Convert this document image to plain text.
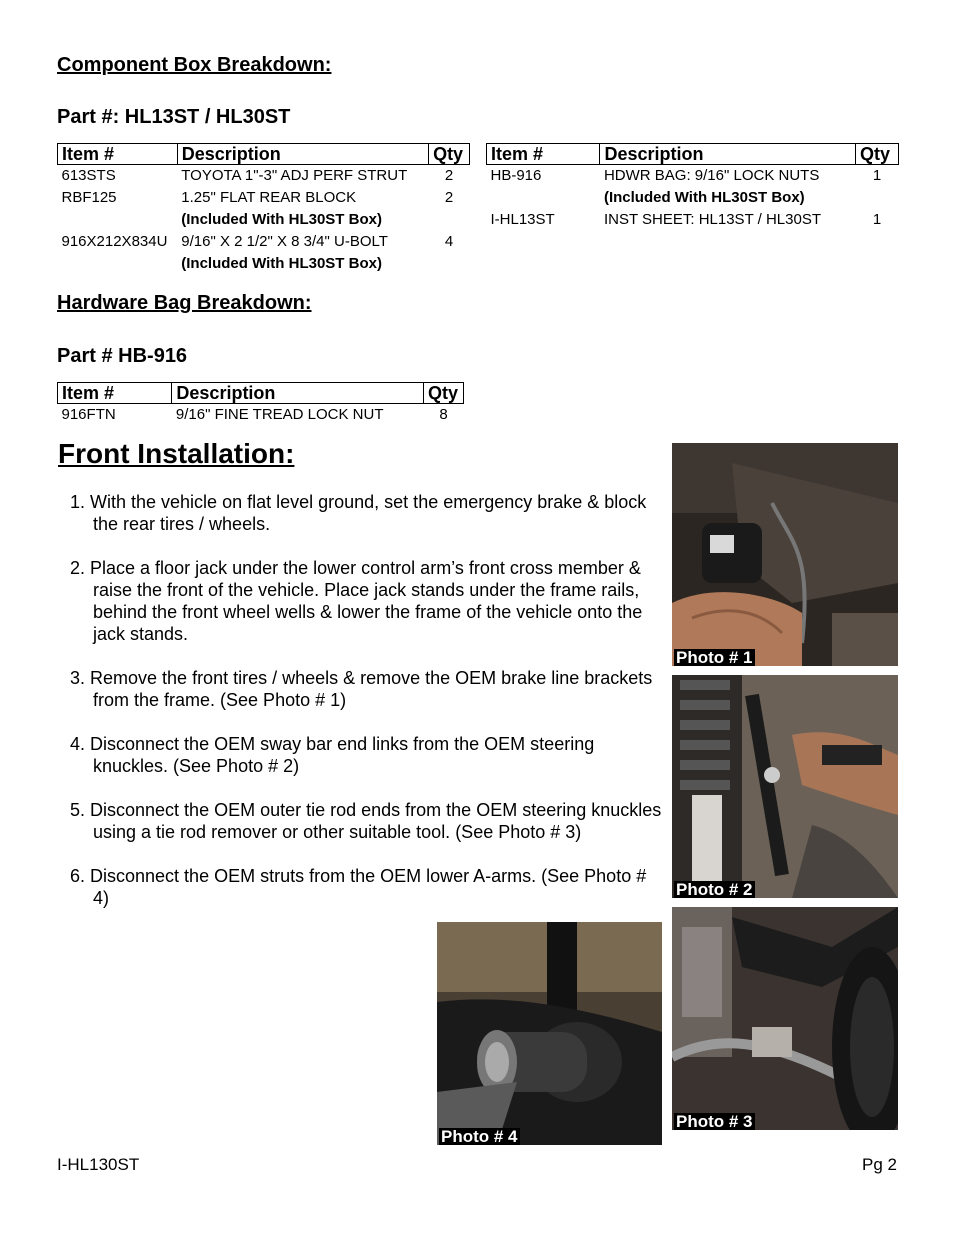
Component Box Breakdown:
Part #: HL13ST / HL30ST
Item #	Description	Qty
613STS	TOYOTA 1"-3" ADJ PERF STRUT	2
RBF125	1.25" FLAT REAR BLOCK	2
	(Included With HL30ST Box)	
916X212X834U	9/16" X 2 1/2" X 8 3/4" U-BOLT	4
	(Included With HL30ST Box)	
Item #	Description	Qty
HB-916	HDWR BAG: 9/16" LOCK NUTS	1
	(Included With HL30ST Box)	
I-HL13ST	INST SHEET: HL13ST / HL30ST	1
Hardware Bag Breakdown:
Part # HB-916
Item #	Description	Qty
916FTN	9/16" FINE TREAD LOCK NUT	8
Front Installation:
1. With the vehicle on flat level ground, set the emergency brake & block the rear tires / wheels.
2. Place a floor jack under the lower control arm’s front cross member & raise the front of the vehicle. Place jack stands under the frame rails, behind the front wheel wells & lower the frame of the vehicle onto the jack stands.
3. Remove the front tires / wheels & remove the OEM brake line brackets from the frame. (See Photo # 1)
4. Disconnect the OEM sway bar end links from the OEM steering knuckles. (See Photo # 2)
5. Disconnect the OEM outer tie rod ends from the OEM steering knuckles using a tie rod remover or other suitable tool. (See Photo # 3)
6. Disconnect the OEM struts from the OEM lower A-arms. (See Photo # 4)
Photo # 1
Photo # 2
Photo # 3
Photo # 4
I-HL130ST	Pg 2
